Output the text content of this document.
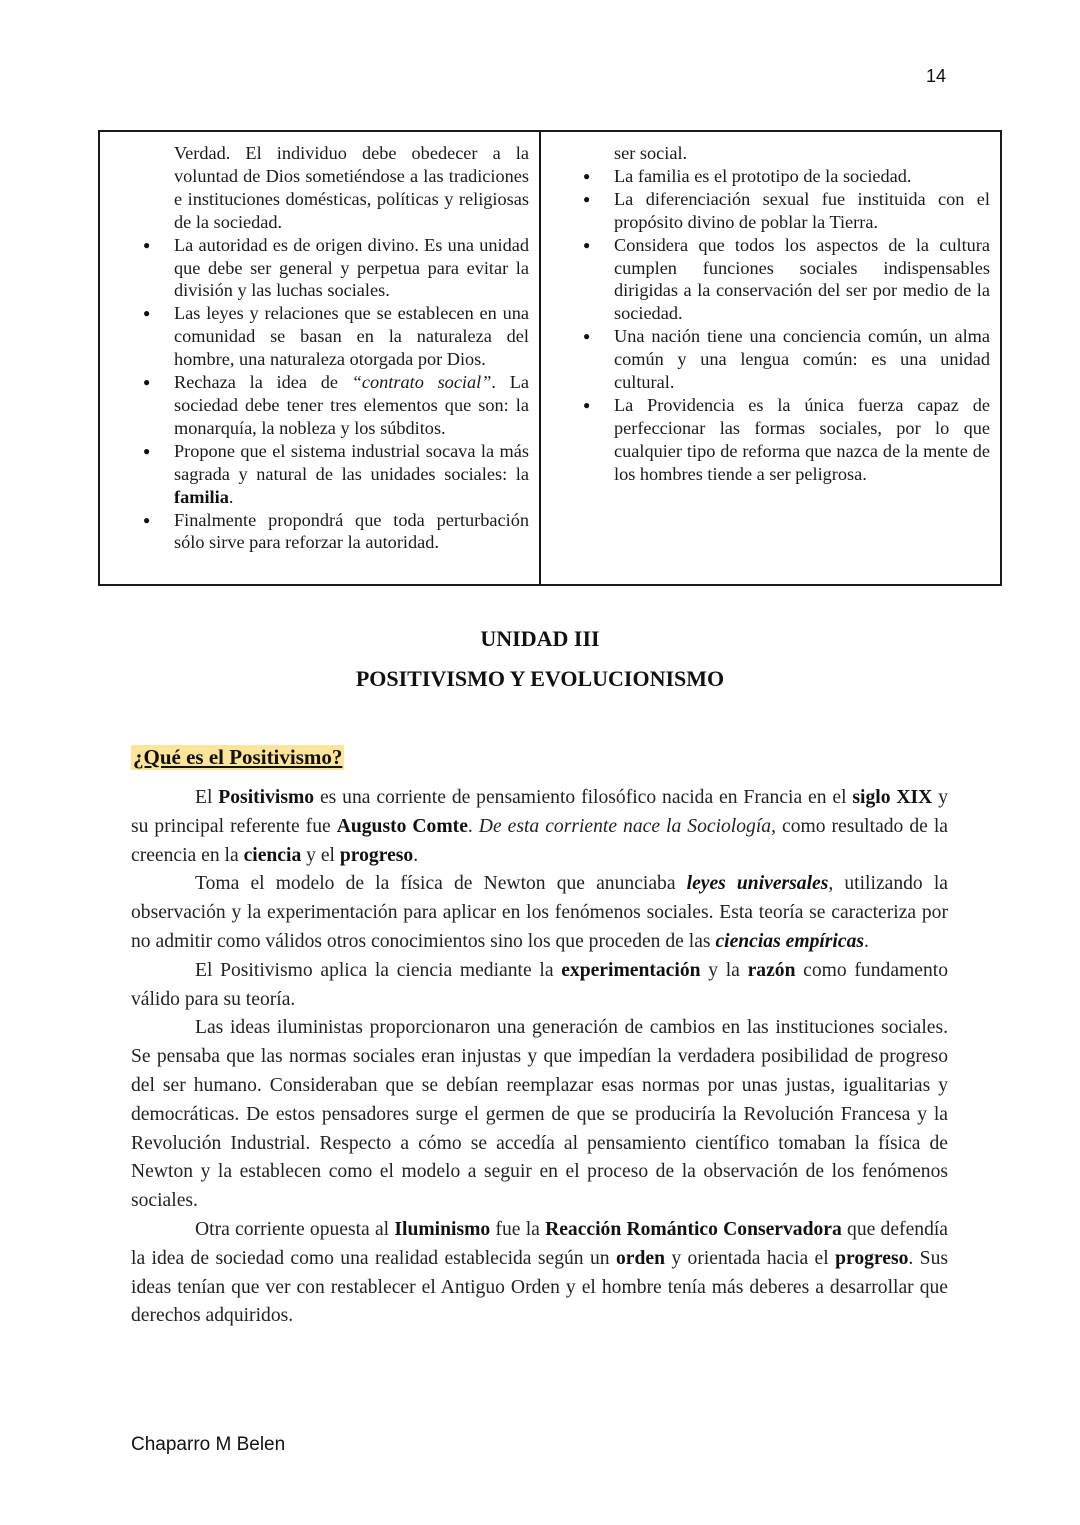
14

Verdad. El individuo debe obedecer a la voluntad de Dios sometiéndose a las tradiciones e instituciones domésticas, políticas y religiosas de la sociedad.

● La autoridad es de origen divino. Es una unidad que debe ser general y perpetua para evitar la división y las luchas sociales.
● Las leyes y relaciones que se establecen en una comunidad se basan en la naturaleza del hombre, una naturaleza otorgada por Dios.
● Rechaza la idea de “contrato social”. La sociedad debe tener tres elementos que son: la monarquía, la nobleza y los súbditos.
● Propone que el sistema industrial socava la más sagrada y natural de las unidades sociales: la familia.
● Finalmente propondrá que toda perturbación sólo sirve para reforzar la autoridad.

ser social.

● La familia es el prototipo de la sociedad.
● La diferenciación sexual fue instituida con el propósito divino de poblar la Tierra.
● Considera que todos los aspectos de la cultura cumplen funciones sociales indispensables dirigidas a la conservación del ser por medio de la sociedad.
● Una nación tiene una conciencia común, un alma común y una lengua común: es una unidad cultural.
● La Providencia es la única fuerza capaz de perfeccionar las formas sociales, por lo que cualquier tipo de reforma que nazca de la mente de los hombres tiende a ser peligrosa.
UNIDAD III
POSITIVISMO Y EVOLUCIONISMO
¿Qué es el Positivismo?

El Positivismo es una corriente de pensamiento filosófico nacida en Francia en el siglo XIX y su principal referente fue Augusto Comte. De esta corriente nace la Sociología, como resultado de la creencia en la ciencia y el progreso.

Toma el modelo de la física de Newton que anunciaba leyes universales, utilizando la observación y la experimentación para aplicar en los fenómenos sociales. Esta teoría se caracteriza por no admitir como válidos otros conocimientos sino los que proceden de las ciencias empíricas.

El Positivismo aplica la ciencia mediante la experimentación y la razón como fundamento válido para su teoría.

Las ideas iluministas proporcionaron una generación de cambios en las instituciones sociales. Se pensaba que las normas sociales eran injustas y que impedían la verdadera posibilidad de progreso del ser humano. Consideraban que se debían reemplazar esas normas por unas justas, igualitarias y democráticas. De estos pensadores surge el germen de que se produciría la Revolución Francesa y la Revolución Industrial. Respecto a cómo se accedía al pensamiento científico tomaban la física de Newton y la establecen como el modelo a seguir en el proceso de la observación de los fenómenos sociales.

Otra corriente opuesta al Iluminismo fue la Reacción Romántico Conservadora que defendía la idea de sociedad como una realidad establecida según un orden y orientada hacia el progreso. Sus ideas tenían que ver con restablecer el Antiguo Orden y el hombre tenía más deberes a desarrollar que derechos adquiridos.

Chaparro M Belen
